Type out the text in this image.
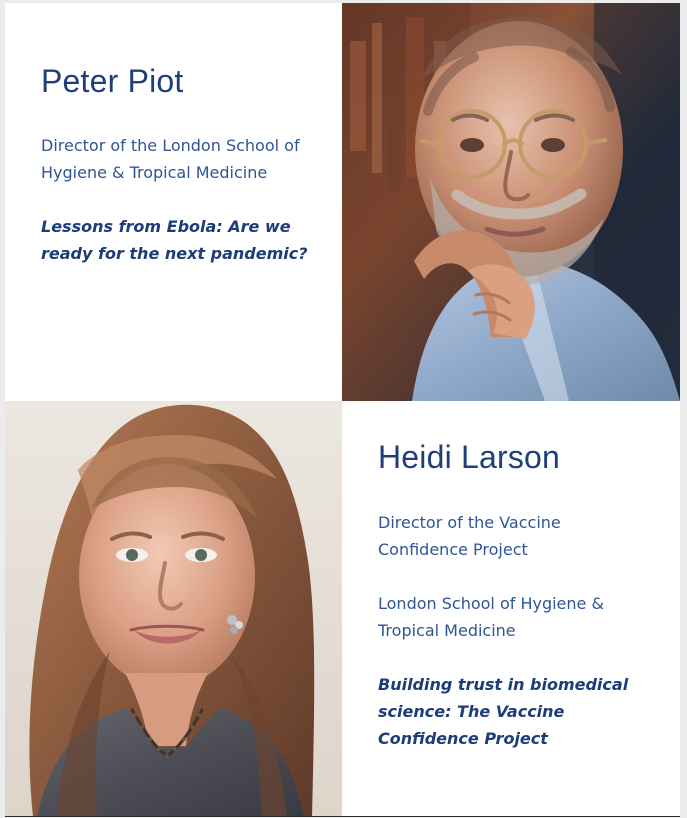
Peter Piot

Director of the London School of
Hygiene & Tropical Medicine

Lessons from Ebola: Are we
ready for the next pandemic?

Heidi Larson

Director of the Vaccine
Confidence Project

London School of Hygiene &
Tropical Medicine

Building trust in biomedical
science: The Vaccine
Confidence Project
